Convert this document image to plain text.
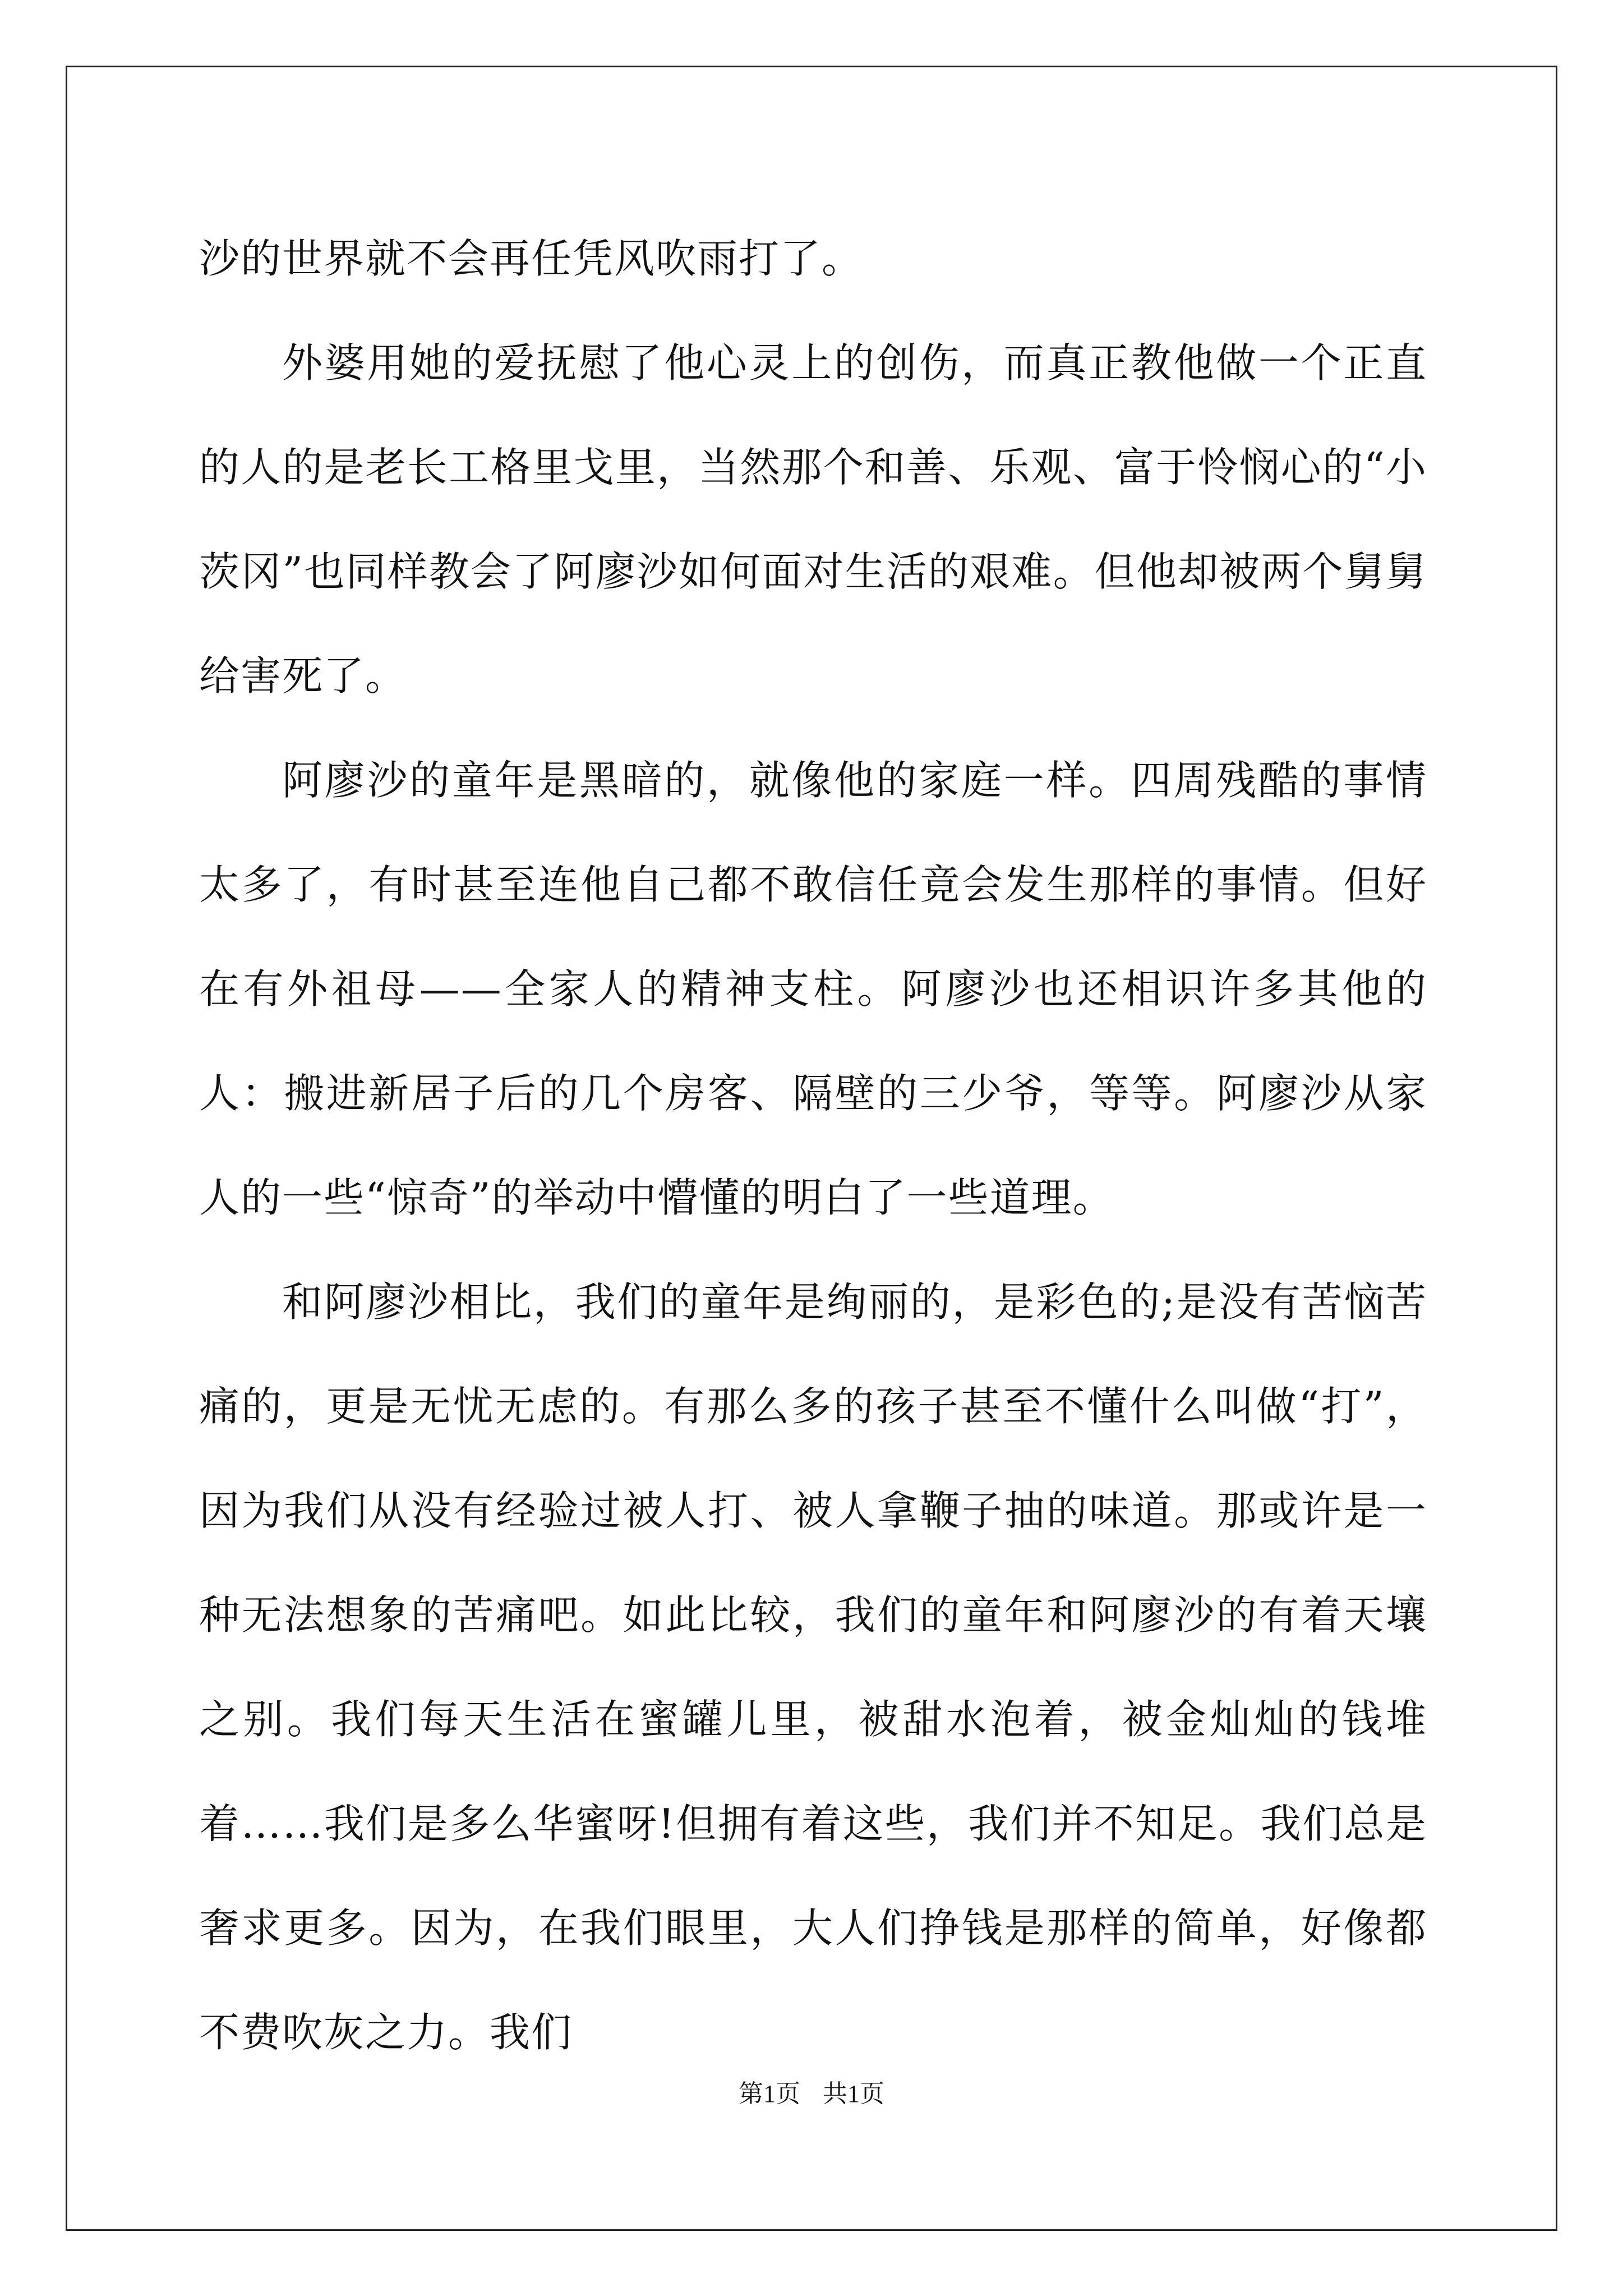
沙的世界就不会再任凭风吹雨打了。

外婆用她的爱抚慰了他心灵上的创伤，而真正教他做一个正直的人的是老长工格里戈里，当然那个和善、乐观、富于怜悯心的“小茨冈”也同样教会了阿廖沙如何面对生活的艰难。但他却被两个舅舅给害死了。

阿廖沙的童年是黑暗的，就像他的家庭一样。四周残酷的事情太多了，有时甚至连他自己都不敢信任竟会发生那样的事情。但好在有外祖母——全家人的精神支柱。阿廖沙也还相识许多其他的人：搬进新居子后的几个房客、隔壁的三少爷，等等。阿廖沙从家人的一些“惊奇”的举动中懵懂的明白了一些道理。

和阿廖沙相比，我们的童年是绚丽的，是彩色的;是没有苦恼苦痛的，更是无忧无虑的。有那么多的孩子甚至不懂什么叫做“打”，因为我们从没有经验过被人打、被人拿鞭子抽的味道。那或许是一种无法想象的苦痛吧。如此比较，我们的童年和阿廖沙的有着天壤之别。我们每天生活在蜜罐儿里，被甜水泡着，被金灿灿的钱堆着……我们是多么华蜜呀!但拥有着这些，我们并不知足。我们总是奢求更多。因为，在我们眼里，大人们挣钱是那样的简单，好像都不费吹灰之力。我们

第1页 共1页
